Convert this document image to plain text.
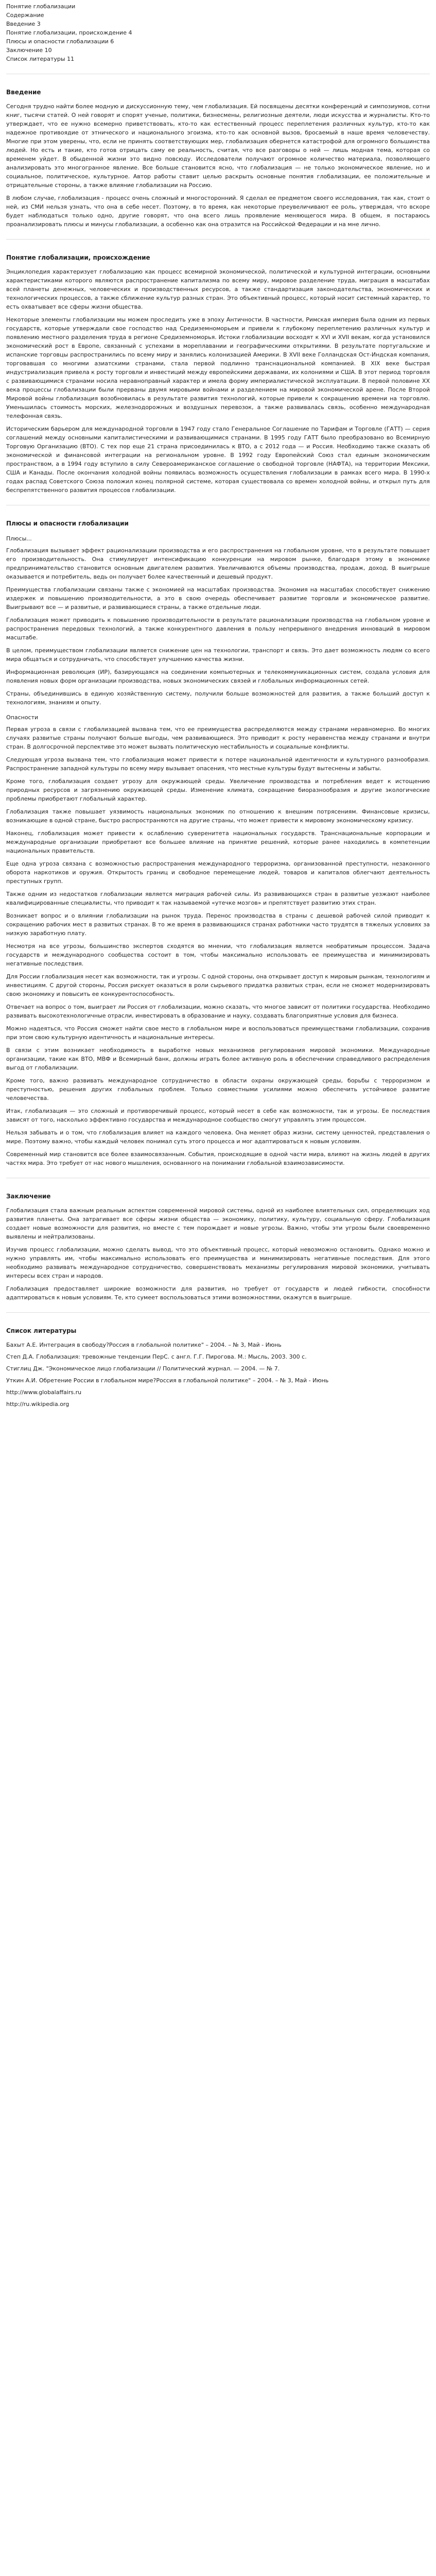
Понятие глобализации
Содержание
Введение 3
Понятие глобализации, происхождение 4
Плюсы и опасности глобализации 6
Заключение 10
Список литературы 11
Введение

Сегодня трудно найти более модную и дискуссионную тему, чем глобализация. Ей посвящены десятки конференций и симпозиумов, сотни книг, тысячи статей. О ней говорят и спорят ученые, политики, бизнесмены, религиозные деятели, люди искусства и журналисты. Кто-то утверждает, что ее нужно всемерно приветствовать, кто-то как естественный процесс переплетения различных культур, кто-то как надежное противоядие от этнического и национального эгоизма, кто-то как основной вызов, бросаемый в наше время человечеству. Многие при этом уверены, что, если не принять соответствующих мер, глобализация обернется катастрофой для огромного большинства людей. Но есть и такие, кто готов отрицать саму ее реальность, считая, что все разговоры о ней — лишь модная тема, которая со временем уйдет. В обыденной жизни это видно повсюду. Исследователи получают огромное количество материала, позволяющего анализировать это многогранное явление. Все больше становится ясно, что глобализация — не только экономическое явление, но и социальное, политическое, культурное. Автор работы ставит целью раскрыть основные понятия глобализации, ее положительные и отрицательные стороны, а также влияние глобализации на Россию.

В любом случае, глобализация - процесс очень сложный и многосторонний. Я сделал ее предметом своего исследования, так как, стоит о ней, из СМИ нельзя узнать, что она в себе несет. Поэтому, в то время, как некоторые преувеличивают ее роль, утверждая, что вскоре будет наблюдаться только одно, другие говорят, что она всего лишь проявление меняющегося мира. В общем, я постараюсь проанализировать плюсы и минусы глобализации, а особенно как она отразится на Российской Федерации и на мне лично.

Понятие глобализации, происхождение

Энциклопедия характеризует глобализацию как процесс всемирной экономической, политической и культурной интеграции, основными характеристиками которого являются распространение капитализма по всему миру, мировое разделение труда, миграция в масштабах всей планеты денежных, человеческих и производственных ресурсов, а также стандартизация законодательства, экономических и технологических процессов, а также сближение культур разных стран. Это объективный процесс, который носит системный характер, то есть охватывает все сферы жизни общества.

Некоторые элементы глобализации мы можем проследить уже в эпоху Античности. В частности, Римская империя была одним из первых государств, которые утверждали свое господство над Средиземноморьем и привели к глубокому переплетению различных культур и появлению местного разделения труда в регионе Средиземноморья. Истоки глобализации восходят к XVI и XVII векам, когда установился экономический рост в Европе, связанный с успехами в мореплавании и географическими открытиями. В результате португальские и испанские торговцы распространились по всему миру и занялись колонизацией Америки. В XVII веке Голландская Ост-Индская компания, торговавшая со многими азиатскими странами, стала первой подлинно транснациональной компанией. В XIX веке быстрая индустриализация привела к росту торговли и инвестиций между европейскими державами, их колониями и США. В этот период торговля с развивающимися странами носила неравноправный характер и имела форму империалистической эксплуатации. В первой половине XX века процессы глобализации были прерваны двумя мировыми войнами и разделением на мировой экономической арене. После Второй Мировой войны глобализация возобновилась в результате развития технологий, которые привели к сокращению времени на торговлю. Уменьшилась стоимость морских, железнодорожных и воздушных перевозок, а также развивалась связь, особенно международная телефонная связь.

Историческим барьером для международной торговли в 1947 году стало Генеральное Соглашение по Тарифам и Торговле (ГАТТ) — серия соглашений между основными капиталистическими и развивающимися странами. В 1995 году ГАТТ было преобразовано во Всемирную Торговую Организацию (ВТО). С тех пор еще 21 страна присоединилась к ВТО, а с 2012 года — и Россия. Необходимо также сказать об экономической и финансовой интеграции на региональном уровне. В 1992 году Европейский Союз стал единым экономическим пространством, а в 1994 году вступило в силу Североамериканское соглашение о свободной торговле (НАФТА), на территории Мексики, США и Канады. После окончания холодной войны появилась возможность осуществления глобализации в рамках всего мира. В 1990-х годах распад Советского Союза положил конец полярной системе, которая существовала со времен холодной войны, и открыл путь для беспрепятственного развития процессов глобализации.

Плюсы и опасности глобализации
Плюсы...

Глобализация вызывает эффект рационализации производства и его распространения на глобальном уровне, что в результате повышает его производительность. Она стимулирует интенсификацию конкуренции на мировом рынке, благодаря этому в экономике предпринимательство становится основным двигателем развития. Увеличиваются объемы производства, продаж, доход. В выигрыше оказывается и потребитель, ведь он получает более качественный и дешевый продукт.

Преимущества глобализации связаны также с экономией на масштабах производства. Экономия на масштабах способствует снижению издержек и повышению производительности, а это в свою очередь обеспечивает развитие торговли и экономическое развитие. Выигрывают все — и развитые, и развивающиеся страны, а также отдельные люди.

Глобализация может приводить к повышению производительности в результате рационализации производства на глобальном уровне и распространения передовых технологий, а также конкурентного давления в пользу непрерывного внедрения инноваций в мировом масштабе.

В целом, преимуществом глобализации является снижение цен на технологии, транспорт и связь. Это дает возможность людям со всего мира общаться и сотрудничать, что способствует улучшению качества жизни.

Информационная революция (ИР), базирующаяся на соединении компьютерных и телекоммуникационных систем, создала условия для появления новых форм организации производства, новых экономических связей и глобальных информационных сетей.

Страны, объединившись в единую хозяйственную систему, получили больше возможностей для развития, а также больший доступ к технологиям, знаниям и опыту.

Опасности

Первая угроза в связи с глобализацией вызвана тем, что ее преимущества распределяются между странами неравномерно. Во многих случаях развитые страны получают больше выгоды, чем развивающиеся. Это приводит к росту неравенства между странами и внутри стран. В долгосрочной перспективе это может вызвать политическую нестабильность и социальные конфликты.

Следующая угроза вызвана тем, что глобализация может привести к потере национальной идентичности и культурного разнообразия. Распространение западной культуры по всему миру вызывает опасения, что местные культуры будут вытеснены и забыты.

Кроме того, глобализация создает угрозу для окружающей среды. Увеличение производства и потребления ведет к истощению природных ресурсов и загрязнению окружающей среды. Изменение климата, сокращение биоразнообразия и другие экологические проблемы приобретают глобальный характер.

Глобализация также повышает уязвимость национальных экономик по отношению к внешним потрясениям. Финансовые кризисы, возникающие в одной стране, быстро распространяются на другие страны, что может привести к мировому экономическому кризису.

Наконец, глобализация может привести к ослаблению суверенитета национальных государств. Транснациональные корпорации и международные организации приобретают все большее влияние на принятие решений, которые ранее находились в компетенции национальных правительств.

Еще одна угроза связана с возможностью распространения международного терроризма, организованной преступности, незаконного оборота наркотиков и оружия. Открытость границ и свободное перемещение людей, товаров и капиталов облегчают деятельность преступных групп.

Также одним из недостатков глобализации является миграция рабочей силы. Из развивающихся стран в развитые уезжают наиболее квалифицированные специалисты, что приводит к так называемой «утечке мозгов» и препятствует развитию этих стран.

Возникает вопрос и о влиянии глобализации на рынок труда. Перенос производства в страны с дешевой рабочей силой приводит к сокращению рабочих мест в развитых странах. В то же время в развивающихся странах работники часто трудятся в тяжелых условиях за низкую заработную плату.

Несмотря на все угрозы, большинство экспертов сходятся во мнении, что глобализация является необратимым процессом. Задача государств и международного сообщества состоит в том, чтобы максимально использовать ее преимущества и минимизировать негативные последствия.

Для России глобализация несет как возможности, так и угрозы. С одной стороны, она открывает доступ к мировым рынкам, технологиям и инвестициям. С другой стороны, Россия рискует оказаться в роли сырьевого придатка развитых стран, если не сможет модернизировать свою экономику и повысить ее конкурентоспособность.

Отвечает на вопрос о том, выиграет ли Россия от глобализации, можно сказать, что многое зависит от политики государства. Необходимо развивать высокотехнологичные отрасли, инвестировать в образование и науку, создавать благоприятные условия для бизнеса.

Можно надеяться, что Россия сможет найти свое место в глобальном мире и воспользоваться преимуществами глобализации, сохранив при этом свою культурную идентичность и национальные интересы.

В связи с этим возникает необходимость в выработке новых механизмов регулирования мировой экономики. Международные организации, такие как ВТО, МВФ и Всемирный банк, должны играть более активную роль в обеспечении справедливого распределения выгод от глобализации.

Кроме того, важно развивать международное сотрудничество в области охраны окружающей среды, борьбы с терроризмом и преступностью, решения других глобальных проблем. Только совместными усилиями можно обеспечить устойчивое развитие человечества.

Итак, глобализация — это сложный и противоречивый процесс, который несет в себе как возможности, так и угрозы. Ее последствия зависят от того, насколько эффективно государства и международное сообщество смогут управлять этим процессом.

Нельзя забывать и о том, что глобализация влияет на каждого человека. Она меняет образ жизни, систему ценностей, представления о мире. Поэтому важно, чтобы каждый человек понимал суть этого процесса и мог адаптироваться к новым условиям.

Современный мир становится все более взаимосвязанным. События, происходящие в одной части мира, влияют на жизнь людей в других частях мира. Это требует от нас нового мышления, основанного на понимании глобальной взаимозависимости.

Заключение

Глобализация стала важным реальным аспектом современной мировой системы, одной из наиболее влиятельных сил, определяющих ход развития планеты. Она затрагивает все сферы жизни общества — экономику, политику, культуру, социальную сферу. Глобализация создает новые возможности для развития, но вместе с тем порождает и новые угрозы. Важно, чтобы эти угрозы были своевременно выявлены и нейтрализованы.

Изучив процесс глобализации, можно сделать вывод, что это объективный процесс, который невозможно остановить. Однако можно и нужно управлять им, чтобы максимально использовать его преимущества и минимизировать негативные последствия. Для этого необходимо развивать международное сотрудничество, совершенствовать механизмы регулирования мировой экономики, учитывать интересы всех стран и народов.

Глобализация предоставляет широкие возможности для развития, но требует от государств и людей гибкости, способности адаптироваться к новым условиям. Те, кто сумеет воспользоваться этими возможностями, окажутся в выигрыше.

Список литературы
Бахыт А.Е. Интеграция в свободу?Россия в глобальной политике" – 2004. – № 3, Май - Июнь
Степ Д.А. Глобализация: тревожные тенденции ПерС. с англ. Г.Г. Пирогова. М.: Мысль, 2003. 300 с.
Стиглиц Дж. "Экономическое лицо глобализации // Политический журнал. — 2004. — № 7.
Уткин А.И. Обретение России в глобальном мире?Россия в глобальной политике" – 2004. – № 3, Май - Июнь
http://www.globalaffairs.ru
http://ru.wikipedia.org
